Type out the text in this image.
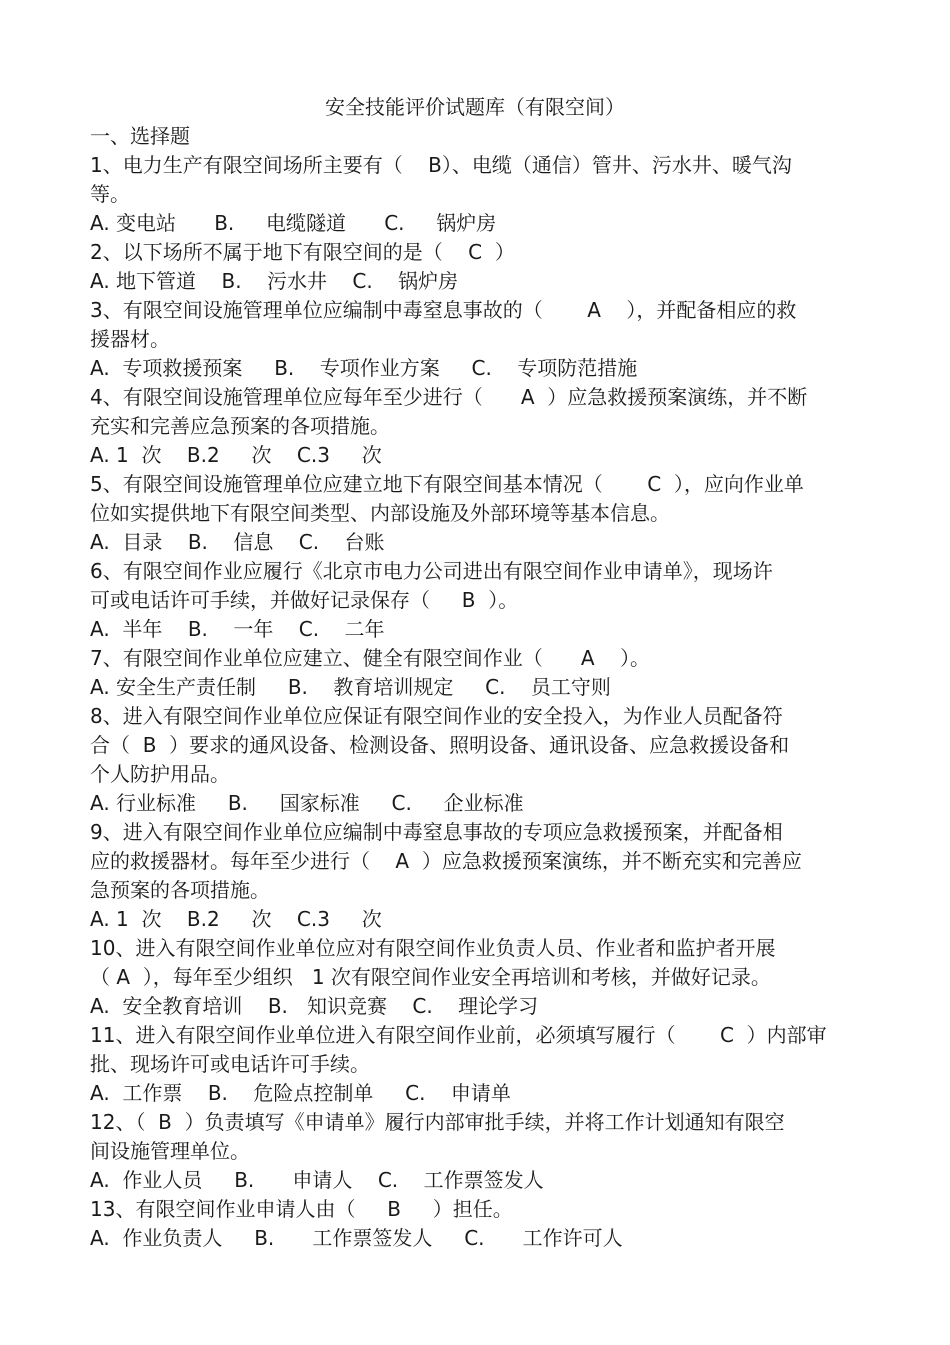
安全技能评价试题库（有限空间）
一、选择题
1、电力生产有限空间场所主要有（    B）、电缆（通信）管井、污水井、暖气沟
等。
A. 变电站      B.     电缆隧道      C.     锅炉房
2、以下场所不属于地下有限空间的是（    C  ）
A. 地下管道    B.    污水井    C.    锅炉房
3、有限空间设施管理单位应编制中毒窒息事故的（       A    ），并配备相应的救
援器材。
A.  专项救援预案     B.    专项作业方案     C.    专项防范措施
4、有限空间设施管理单位应每年至少进行（      A  ）应急救援预案演练，并不断
充实和完善应急预案的各项措施。
A. 1  次    B.2     次    C.3     次
5、有限空间设施管理单位应建立地下有限空间基本情况（       C  ），应向作业单
位如实提供地下有限空间类型、内部设施及外部环境等基本信息。
A.  目录    B.    信息    C.    台账
6、有限空间作业应履行《北京市电力公司进出有限空间作业申请单》，现场许
可或电话许可手续，并做好记录保存（     B  ）。
A.  半年    B.    一年    C.    二年
7、有限空间作业单位应建立、健全有限空间作业（      A    ）。
A. 安全生产责任制     B.    教育培训规定     C.    员工守则
8、进入有限空间作业单位应保证有限空间作业的安全投入，为作业人员配备符
合（  B  ）要求的通风设备、检测设备、照明设备、通讯设备、应急救援设备和
个人防护用品。
A. 行业标准     B.     国家标准     C.     企业标准
9、进入有限空间作业单位应编制中毒窒息事故的专项应急救援预案，并配备相
应的救援器材。每年至少进行（    A  ）应急救援预案演练，并不断充实和完善应
急预案的各项措施。
A. 1  次    B.2     次    C.3     次
10、进入有限空间作业单位应对有限空间作业负责人员、作业者和监护者开展
（ A  ），每年至少组织   1 次有限空间作业安全再培训和考核，并做好记录。
A.  安全教育培训    B.   知识竞赛    C.    理论学习
11、进入有限空间作业单位进入有限空间作业前，必须填写履行（       C  ）内部审
批、现场许可或电话许可手续。
A.  工作票    B.    危险点控制单     C.    申请单
12、（  B  ）负责填写《申请单》履行内部审批手续，并将工作计划通知有限空
间设施管理单位。
A.  作业人员     B.      申请人    C.    工作票签发人
13、有限空间作业申请人由（     B     ）担任。
A.  作业负责人     B.      工作票签发人     C.      工作许可人
